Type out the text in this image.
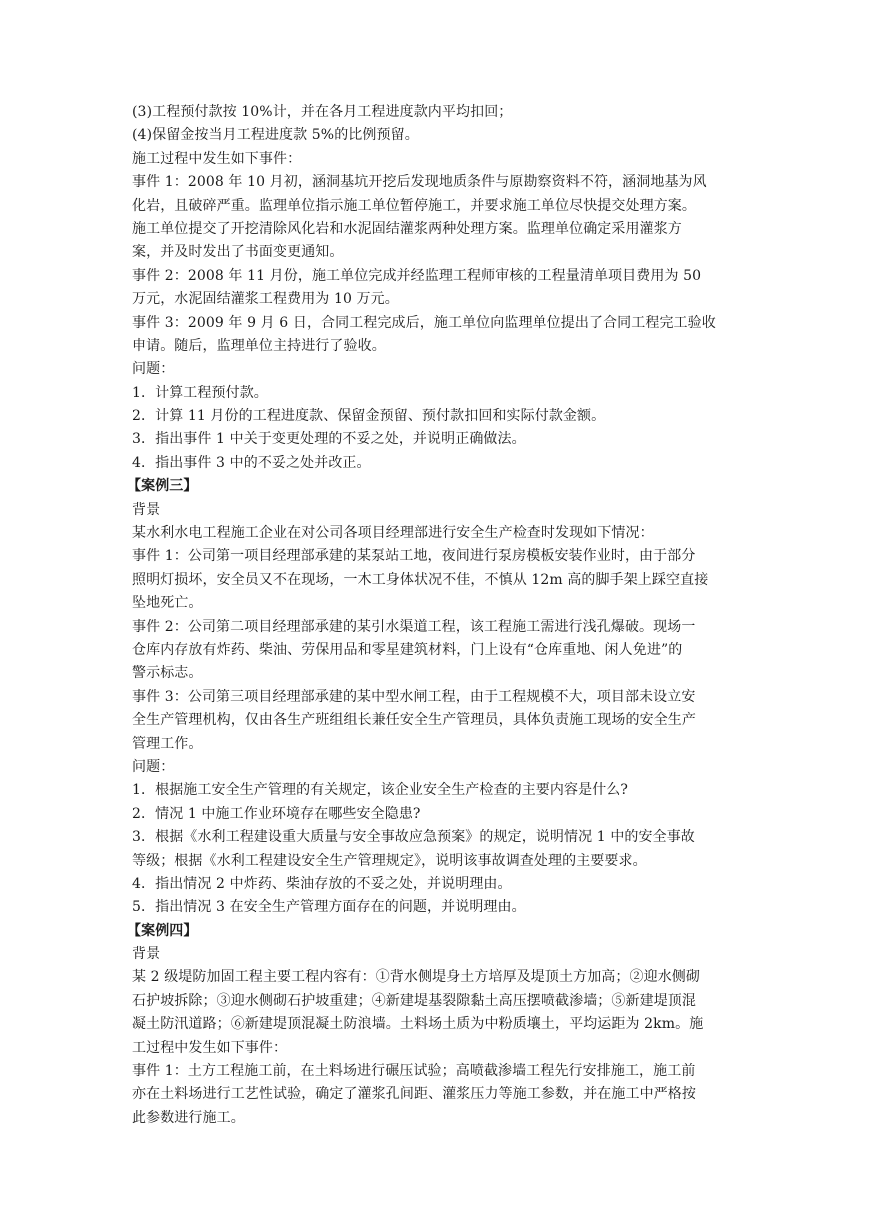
(3)工程预付款按 10%计，并在各月工程进度款内平均扣回；
(4)保留金按当月工程进度款 5%的比例预留。
施工过程中发生如下事件：
事件 1：2008 年 10 月初，涵洞基坑开挖后发现地质条件与原勘察资料不符，涵洞地基为风
化岩，且破碎严重。监理单位指示施工单位暂停施工，并要求施工单位尽快提交处理方案。
施工单位提交了开挖清除风化岩和水泥固结灌浆两种处理方案。监理单位确定采用灌浆方
案，并及时发出了书面变更通知。
事件 2：2008 年 11 月份，施工单位完成并经监理工程师审核的工程量清单项目费用为 50
万元，水泥固结灌浆工程费用为 10 万元。
事件 3：2009 年 9 月 6 日，合同工程完成后，施工单位向监理单位提出了合同工程完工验收
申请。随后，监理单位主持进行了验收。
问题：
1．计算工程预付款。
2．计算 11 月份的工程进度款、保留金预留、预付款扣回和实际付款金额。
3．指出事件 1 中关于变更处理的不妥之处，并说明正确做法。
4．指出事件 3 中的不妥之处并改正。
【案例三】
背景
某水利水电工程施工企业在对公司各项目经理部进行安全生产检查时发现如下情况：
事件 1：公司第一项目经理部承建的某泵站工地，夜间进行泵房模板安装作业时，由于部分
照明灯损坏，安全员又不在现场，一木工身体状况不佳，不慎从 12m 高的脚手架上踩空直接
坠地死亡。
事件 2：公司第二项目经理部承建的某引水渠道工程，该工程施工需进行浅孔爆破。现场一
仓库内存放有炸药、柴油、劳保用品和零星建筑材料，门上设有“仓库重地、闲人免进”的
警示标志。
事件 3：公司第三项目经理部承建的某中型水闸工程，由于工程规模不大，项目部未设立安
全生产管理机构，仅由各生产班组组长兼任安全生产管理员，具体负责施工现场的安全生产
管理工作。
问题：
1．根据施工安全生产管理的有关规定，该企业安全生产检查的主要内容是什么?
2．情况 1 中施工作业环境存在哪些安全隐患?
3．根据《水利工程建设重大质量与安全事故应急预案》的规定，说明情况 1 中的安全事故
等级；根据《水利工程建设安全生产管理规定》，说明该事故调查处理的主要要求。
4．指出情况 2 中炸药、柴油存放的不妥之处，并说明理由。
5．指出情况 3 在安全生产管理方面存在的问题，并说明理由。
【案例四】
背景
某 2 级堤防加固工程主要工程内容有：①背水侧堤身土方培厚及堤顶土方加高；②迎水侧砌
石护坡拆除；③迎水侧砌石护坡重建；④新建堤基裂隙黏土高压摆喷截渗墙；⑤新建堤顶混
凝土防汛道路；⑥新建堤顶混凝土防浪墙。土料场土质为中粉质壤土，平均运距为 2km。施
工过程中发生如下事件：
事件 1：土方工程施工前，在土料场进行碾压试验；高喷截渗墙工程先行安排施工，施工前
亦在土料场进行工艺性试验，确定了灌浆孔间距、灌浆压力等施工参数，并在施工中严格按
此参数进行施工。
